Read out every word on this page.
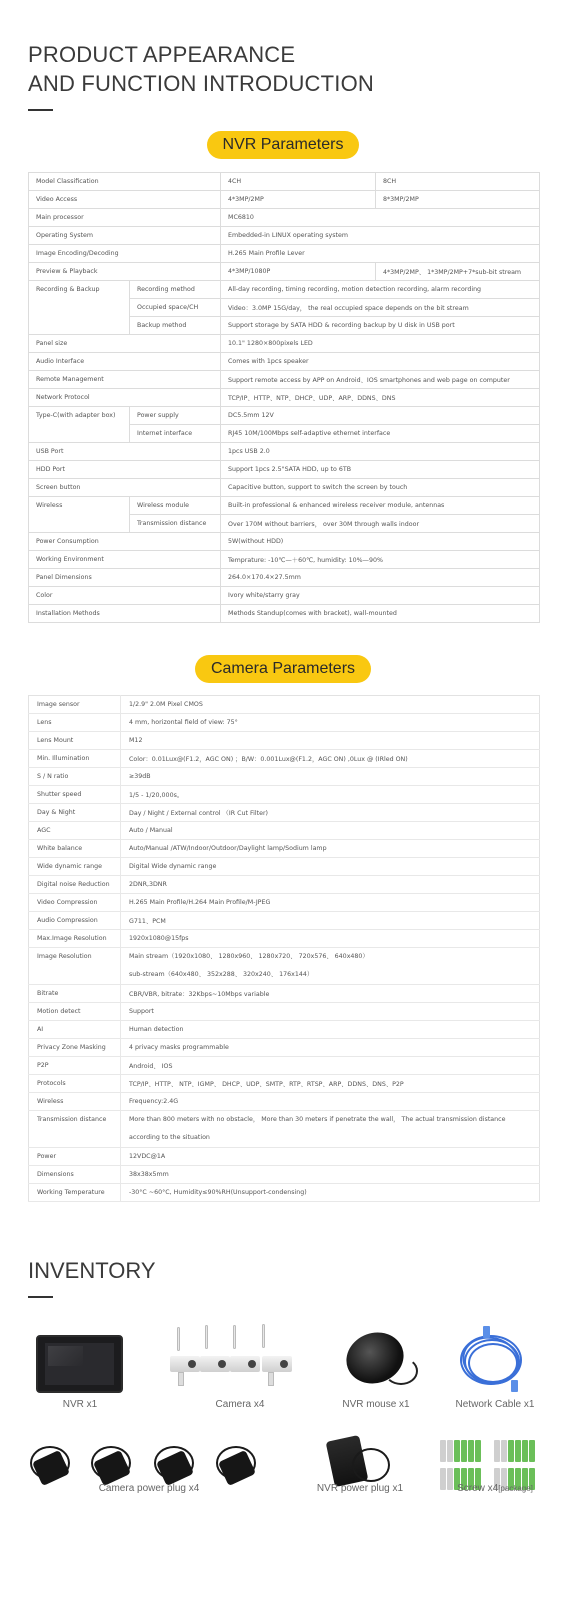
PRODUCT APPEARANCE
AND FUNCTION INTRODUCTION
NVR Parameters
Model Classification		4CH	8CH
Video Access		4*3MP/2MP	8*3MP/2MP
Main processor		MC6810	
Operating System		Embedded-in LINUX operating system	
Image Encoding/Decoding		H.265 Main Profile Lever	
Preview & Playback		4*3MP/1080P	4*3MP/2MP、 1*3MP/2MP+7*sub-bit stream
Recording & Backup	Recording method	All-day recording, timing recording, motion detection recording, alarm recording	
	Occupied space/CH	Video：3.0MP 15G/day， the real occupied space depends on the bit stream	
	Backup method	Support storage by SATA HDD & recording backup by U disk in USB port	
Panel size		10.1" 1280×800pixels LED	
Audio Interface		Comes with 1pcs speaker	
Remote Management		Support remote access by APP on Android、IOS smartphones and web page on computer	
Network Protocol		TCP/IP、HTTP、NTP、DHCP、UDP、ARP、DDNS、DNS	
Type-C(with adapter box)	Power supply	DC5.5mm 12V	
	Internet interface	RJ45 10M/100Mbps self-adaptive ethernet interface	
USB Port		1pcs USB 2.0	
HDD Port		Support 1pcs 2.5"SATA HDD, up to 6TB	
Screen button		Capacitive button, support to switch the screen by touch	
Wireless	Wireless module	Built-in professional & enhanced wireless receiver module, antennas	
	Transmission distance	Over 170M without barriers， over 30M through walls indoor	
Power Consumption		5W(without HDD)	
Working Environment		Temprature: -10℃—＋60℃, humidity: 10%—90%	
Panel Dimensions		264.0×170.4×27.5mm	
Color		Ivory white/starry gray	
Installation Methods		Methods Standup(comes with bracket), wall-mounted	
Camera Parameters
Image sensor	1/2.9" 2.0M Pixel CMOS
Lens	4 mm, horizontal field of view: 75°
Lens Mount	M12
Min. Illumination	Color：0.01Lux@(F1.2，AGC ON) ；B/W：0.001Lux@(F1.2，AGC ON) ,0Lux @ (IRled ON)
S / N ratio	≥39dB
Shutter speed	1/5 - 1/20,000s。
Day & Night	Day / Night / External control （IR Cut Filter)
AGC	Auto / Manual
White balance	Auto/Manual /ATW/Indoor/Outdoor/Daylight lamp/Sodium lamp
Wide dynamic range	Digital Wide dynamic range
Digital noise Reduction	2DNR,3DNR
Video Compression	H.265 Main Profile/H.264 Main Profile/M-JPEG
Audio Compression	G711、PCM
Max.Image Resolution	1920x1080@15fps
Image Resolution	Main stream（1920x1080、 1280x960、 1280x720、 720x576、 640x480）
sub-stream（640x480、 352x288、 320x240、 176x144）

Bitrate	CBR/VBR, bitrate：32Kbps~10Mbps variable
Motion detect	Support
AI	Human detection
Privacy Zone Masking	4 privacy masks programmable
P2P	Android、 IOS
Protocols	TCP/IP、HTTP、 NTP、IGMP、 DHCP、UDP、SMTP、RTP、RTSP、ARP、DDNS、DNS、P2P
Wireless	Frequency:2.4G
Transmission distance	More than 800 meters with no obstacle， More than 30 meters if penetrate the wall， The actual transmission distance
according to the situation

Power	12VDC@1A
Dimensions	38x38x5mm
Working Temperature	-30°C ~60°C, Humidity≤90%RH(Unsupport-condensing)
INVENTORY
NVR x1	Camera x4	NVR mouse x1	Network Cable x1
Camera power plug x4	NVR power plug x1	Screw x4[package]
